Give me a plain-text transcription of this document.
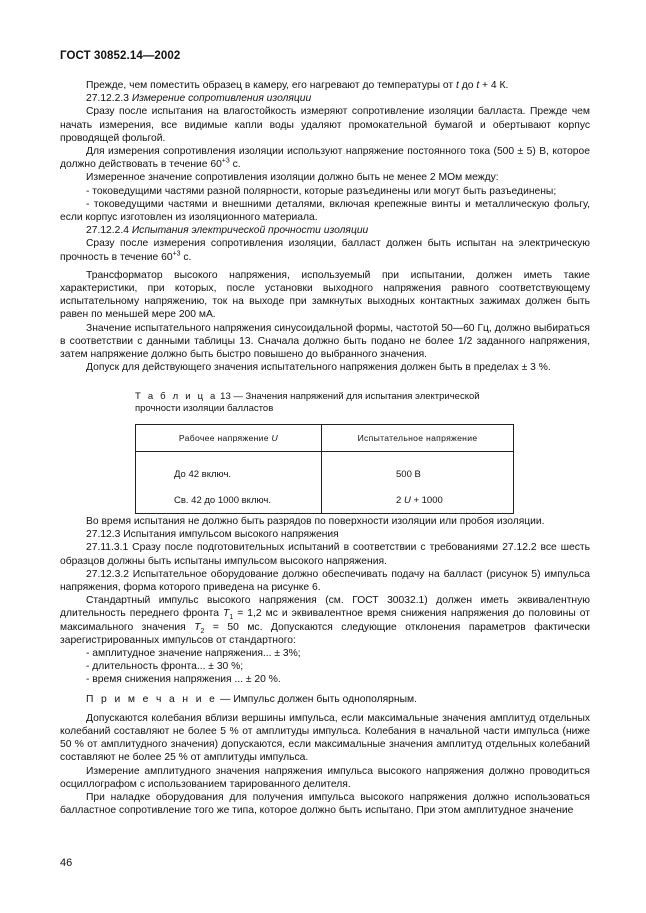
ГОСТ 30852.14—2002

Прежде, чем поместить образец в камеру, его нагревают до температуры от t до t + 4 К.

27.12.2.3 Измерение сопротивления изоляции

Сразу после испытания на влагостойкость измеряют сопротивление изоляции балласта. Прежде чем начать измерения, все видимые капли воды удаляют промокательной бумагой и обертывают корпус проводящей фольгой.

Для измерения сопротивления изоляции используют напряжение постоянного тока (500 ± 5) В, которое должно действовать в течение $60^{+3}$ с.

Измеренное значение сопротивления изоляции должно быть не менее 2 МОм между:

- токоведущими частями разной полярности, которые разъединены или могут быть разъединены;

- токоведущими частями и внешними деталями, включая крепежные винты и металлическую фольгу, если корпус изготовлен из изоляционного материала.

27.12.2.4 Испытания электрической прочности изоляции

Сразу после измерения сопротивления изоляции, балласт должен быть испытан на электрическую прочность в течение $60^{+3}$ с.

Трансформатор высокого напряжения, используемый при испытании, должен иметь такие характеристики, при которых, после установки выходного напряжения равного соответствующему испытательному напряжению, ток на выходе при замкнутых выходных контактных зажимах должен быть равен по меньшей мере 200 мА.

Значение испытательного напряжения синусоидальной формы, частотой 50—60 Гц, должно выбираться в соответствии с данными таблицы 13. Сначала должно быть подано не более 1/2 заданного напряжения, затем напряжение должно быть быстро повышено до выбранного значения.

Допуск для действующего значения испытательного напряжения должен быть в пределах ± 3 %.

Т а б л и ц а 13 — Значения напряжений для испытания электрической прочности изоляции балластов
Рабочее напряжение U	Испытательное напряжение
До 42 включ.	500 В
Св. 42 до 1000 включ.	2 U + 1000

Во время испытания не должно быть разрядов по поверхности изоляции или пробоя изоляции.

27.12.3 Испытания импульсом высокого напряжения

27.11.3.1 Сразу после подготовительных испытаний в соответствии с требованиями 27.12.2 все шесть образцов должны быть испытаны импульсом высокого напряжения.

27.12.3.2 Испытательное оборудование должно обеспечивать подачу на балласт (рисунок 5) импульса напряжения, форма которого приведена на рисунке 6.

Стандартный импульс высокого напряжения (см. ГОСТ 30032.1) должен иметь эквивалентную длительность переднего фронта $T_1 = 1,2$ мс и эквивалентное время снижения напряжения до половины от максимального значения $T_2 = 50$ мс. Допускаются следующие отклонения параметров фактически зарегистрированных импульсов от стандартного:

- амплитудное значение напряжения... ± 3%;

- длительность фронта... ± 30 %;

- время снижения напряжения ... ± 20 %.

П р и м е ч а н и е — Импульс должен быть однополярным.

Допускаются колебания вблизи вершины импульса, если максимальные значения амплитуд отдельных колебаний составляют не более 5 % от амплитуды импульса. Колебания в начальной части импульса (ниже 50 % от амплитудного значения) допускаются, если максимальные значения амплитуд отдельных колебаний составляют не более 25 % от амплитуды импульса.

Измерение амплитудного значения напряжения импульса высокого напряжения должно проводиться осциллографом с использованием тарированного делителя.

При наладке оборудования для получения импульса высокого напряжения должно использоваться балластное сопротивление того же типа, которое должно быть испытано. При этом амплитудное значение

46
